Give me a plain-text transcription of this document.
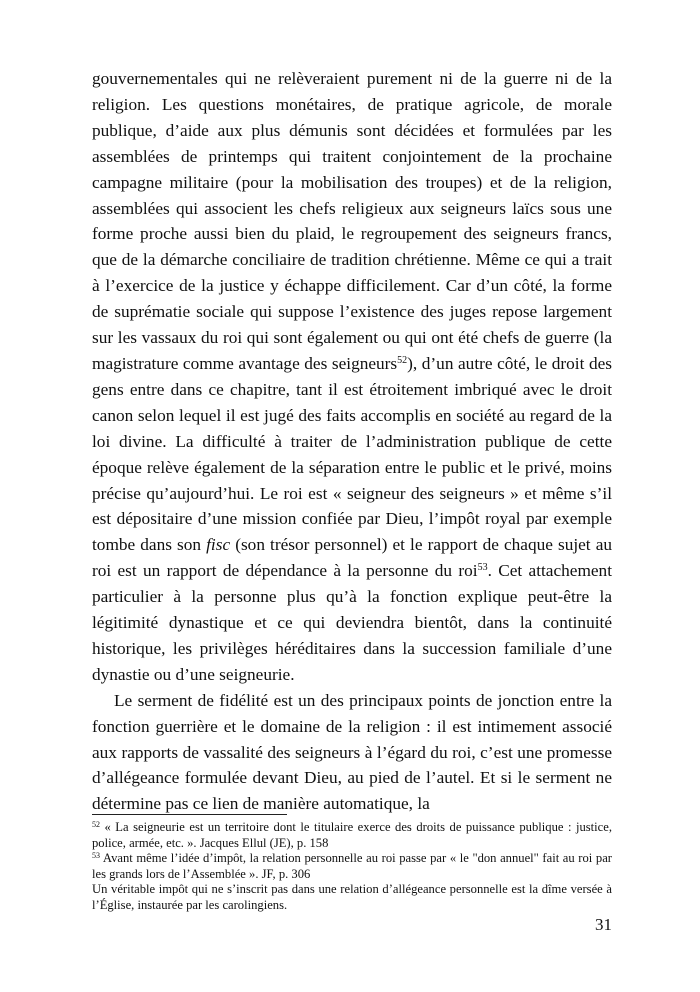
gouvernementales qui ne relèveraient purement ni de la guerre ni de la religion. Les questions monétaires, de pratique agricole, de morale publique, d’aide aux plus démunis sont décidées et formulées par les assemblées de printemps qui traitent conjointement de la prochaine campagne militaire (pour la mobilisation des troupes) et de la religion, assemblées qui associent les chefs religieux aux seigneurs laïcs sous une forme proche aussi bien du plaid, le regroupement des seigneurs francs, que de la démarche conciliaire de tradition chrétienne. Même ce qui a trait à l’exercice de la justice y échappe difficilement. Car d’un côté, la forme de suprématie sociale qui suppose l’existence des juges repose largement sur les vassaux du roi qui sont également ou qui ont été chefs de guerre (la magistrature comme avantage des seigneurs$^{52}$), d’un autre côté, le droit des gens entre dans ce chapitre, tant il est étroitement imbriqué avec le droit canon selon lequel il est jugé des faits accomplis en société au regard de la loi divine. La difficulté à traiter de l’administration publique de cette époque relève également de la séparation entre le public et le privé, moins précise qu’aujourd’hui. Le roi est « seigneur des seigneurs » et même s’il est dépositaire d’une mission confiée par Dieu, l’impôt royal par exemple tombe dans son fisc (son trésor personnel) et le rapport de chaque sujet au roi est un rapport de dépendance à la personne du roi$^{53}$. Cet attachement particulier à la personne plus qu’à la fonction explique peut-être la légitimité dynastique et ce qui deviendra bientôt, dans la continuité historique, les privilèges héréditaires dans la succession familiale d’une dynastie ou d’une seigneurie.

Le serment de fidélité est un des principaux points de jonction entre la fonction guerrière et le domaine de la religion : il est intimement associé aux rapports de vassalité des seigneurs à l’égard du roi, c’est une promesse d’allégeance formulée devant Dieu, au pied de l’autel. Et si le serment ne détermine pas ce lien de manière automatique, la

$^{52}$ « La seigneurie est un territoire dont le titulaire exerce des droits de puissance publique : justice, police, armée, etc. ». Jacques Ellul (JE), p. 158

$^{53}$ Avant même l’idée d’impôt, la relation personnelle au roi passe par « le "don annuel" fait au roi par les grands lors de l’Assemblée ». JF, p. 306

Un véritable impôt qui ne s’inscrit pas dans une relation d’allégeance personnelle est la dîme versée à l’Église, instaurée par les carolingiens.

31
